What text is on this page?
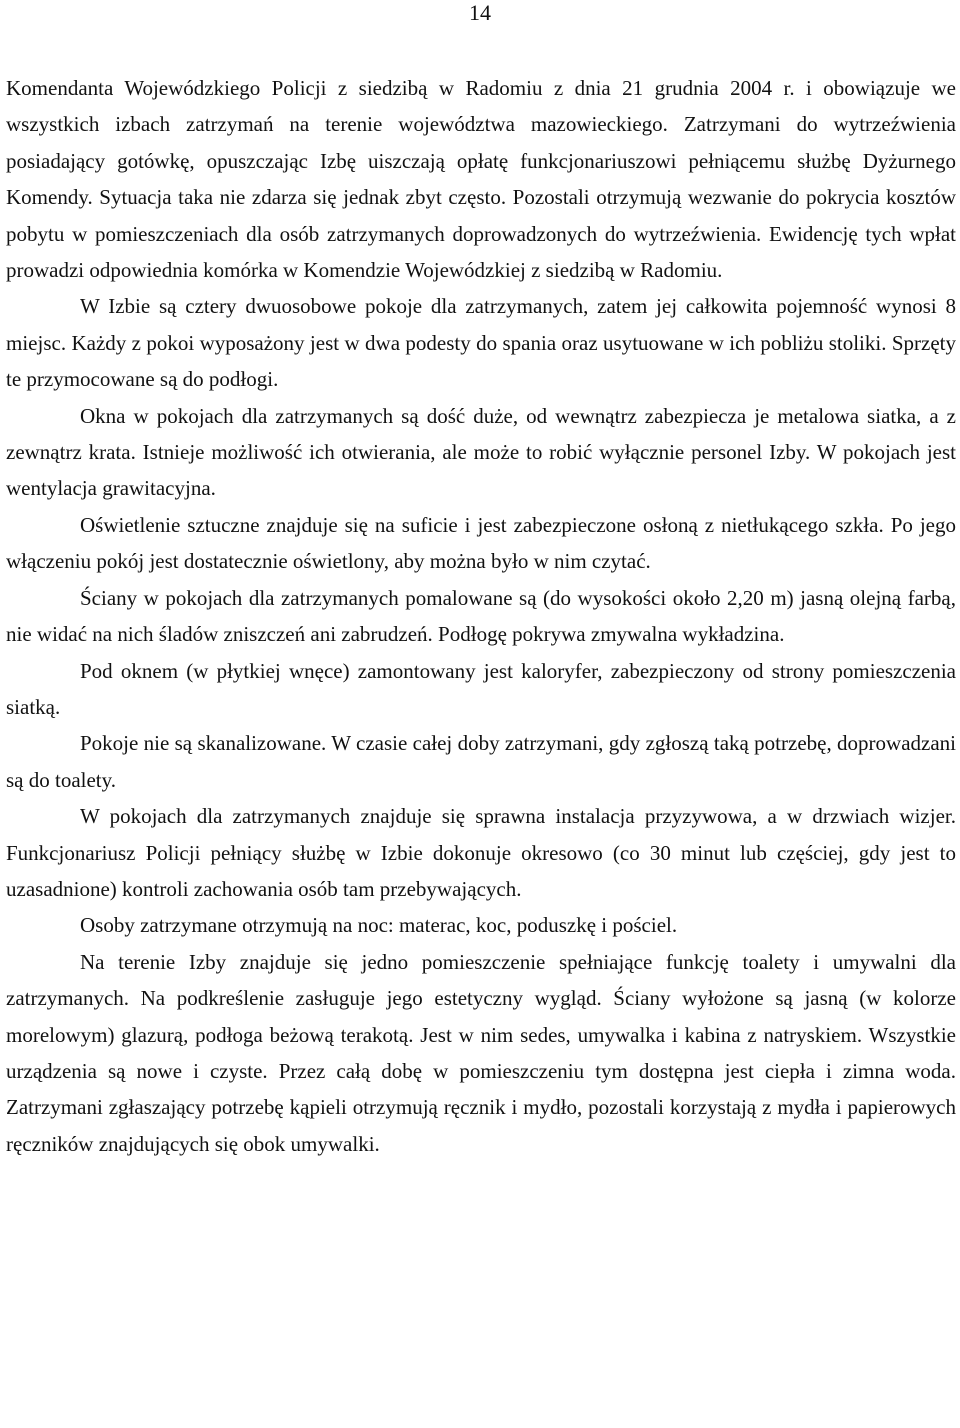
14

Komendanta Wojewódzkiego Policji z siedzibą w Radomiu z dnia 21 grudnia 2004 r. i obowiązuje we wszystkich izbach zatrzymań na terenie województwa mazowieckiego. Zatrzymani do wytrzeźwienia posiadający gotówkę, opuszczając Izbę uiszczają opłatę funkcjonariuszowi pełniącemu służbę Dyżurnego Komendy. Sytuacja taka nie zdarza się jednak zbyt często. Pozostali otrzymują wezwanie do pokrycia kosztów pobytu w pomieszczeniach dla osób zatrzymanych doprowadzonych do wytrzeźwienia. Ewidencję tych wpłat prowadzi odpowiednia komórka w Komendzie Wojewódzkiej z siedzibą w Radomiu.

W Izbie są cztery dwuosobowe pokoje dla zatrzymanych, zatem jej całkowita pojemność wynosi 8 miejsc. Każdy z pokoi wyposażony jest w dwa podesty do spania oraz usytuowane w ich pobliżu stoliki. Sprzęty te przymocowane są do podłogi.

Okna w pokojach dla zatrzymanych są dość duże, od wewnątrz zabezpiecza je metalowa siatka, a z zewnątrz krata. Istnieje możliwość ich otwierania, ale może to robić wyłącznie personel Izby. W pokojach jest wentylacja grawitacyjna.

Oświetlenie sztuczne znajduje się na suficie i jest zabezpieczone osłoną z nietłukącego szkła. Po jego włączeniu pokój jest dostatecznie oświetlony, aby można było w nim czytać.

Ściany w pokojach dla zatrzymanych pomalowane są (do wysokości około 2,20 m) jasną olejną farbą, nie widać na nich śladów zniszczeń ani zabrudzeń. Podłogę pokrywa zmywalna wykładzina.

Pod oknem (w płytkiej wnęce) zamontowany jest kaloryfer, zabezpieczony od strony pomieszczenia siatką.

Pokoje nie są skanalizowane. W czasie całej doby zatrzymani, gdy zgłoszą taką potrzebę, doprowadzani są do toalety.

W pokojach dla zatrzymanych znajduje się sprawna instalacja przyzywowa, a w drzwiach wizjer. Funkcjonariusz Policji pełniący służbę w Izbie dokonuje okresowo (co 30 minut lub częściej, gdy jest to uzasadnione) kontroli zachowania osób tam przebywających.

Osoby zatrzymane otrzymują na noc: materac, koc, poduszkę i pościel.

Na terenie Izby znajduje się jedno pomieszczenie spełniające funkcję toalety i umywalni dla zatrzymanych. Na podkreślenie zasługuje jego estetyczny wygląd. Ściany wyłożone są jasną (w kolorze morelowym) glazurą, podłoga beżową terakotą. Jest w nim sedes, umywalka i kabina z natryskiem. Wszystkie urządzenia są nowe i czyste. Przez całą dobę w pomieszczeniu tym dostępna jest ciepła i zimna woda. Zatrzymani zgłaszający potrzebę kąpieli otrzymują ręcznik i mydło, pozostali korzystają z mydła i papierowych ręczników znajdujących się obok umywalki.
